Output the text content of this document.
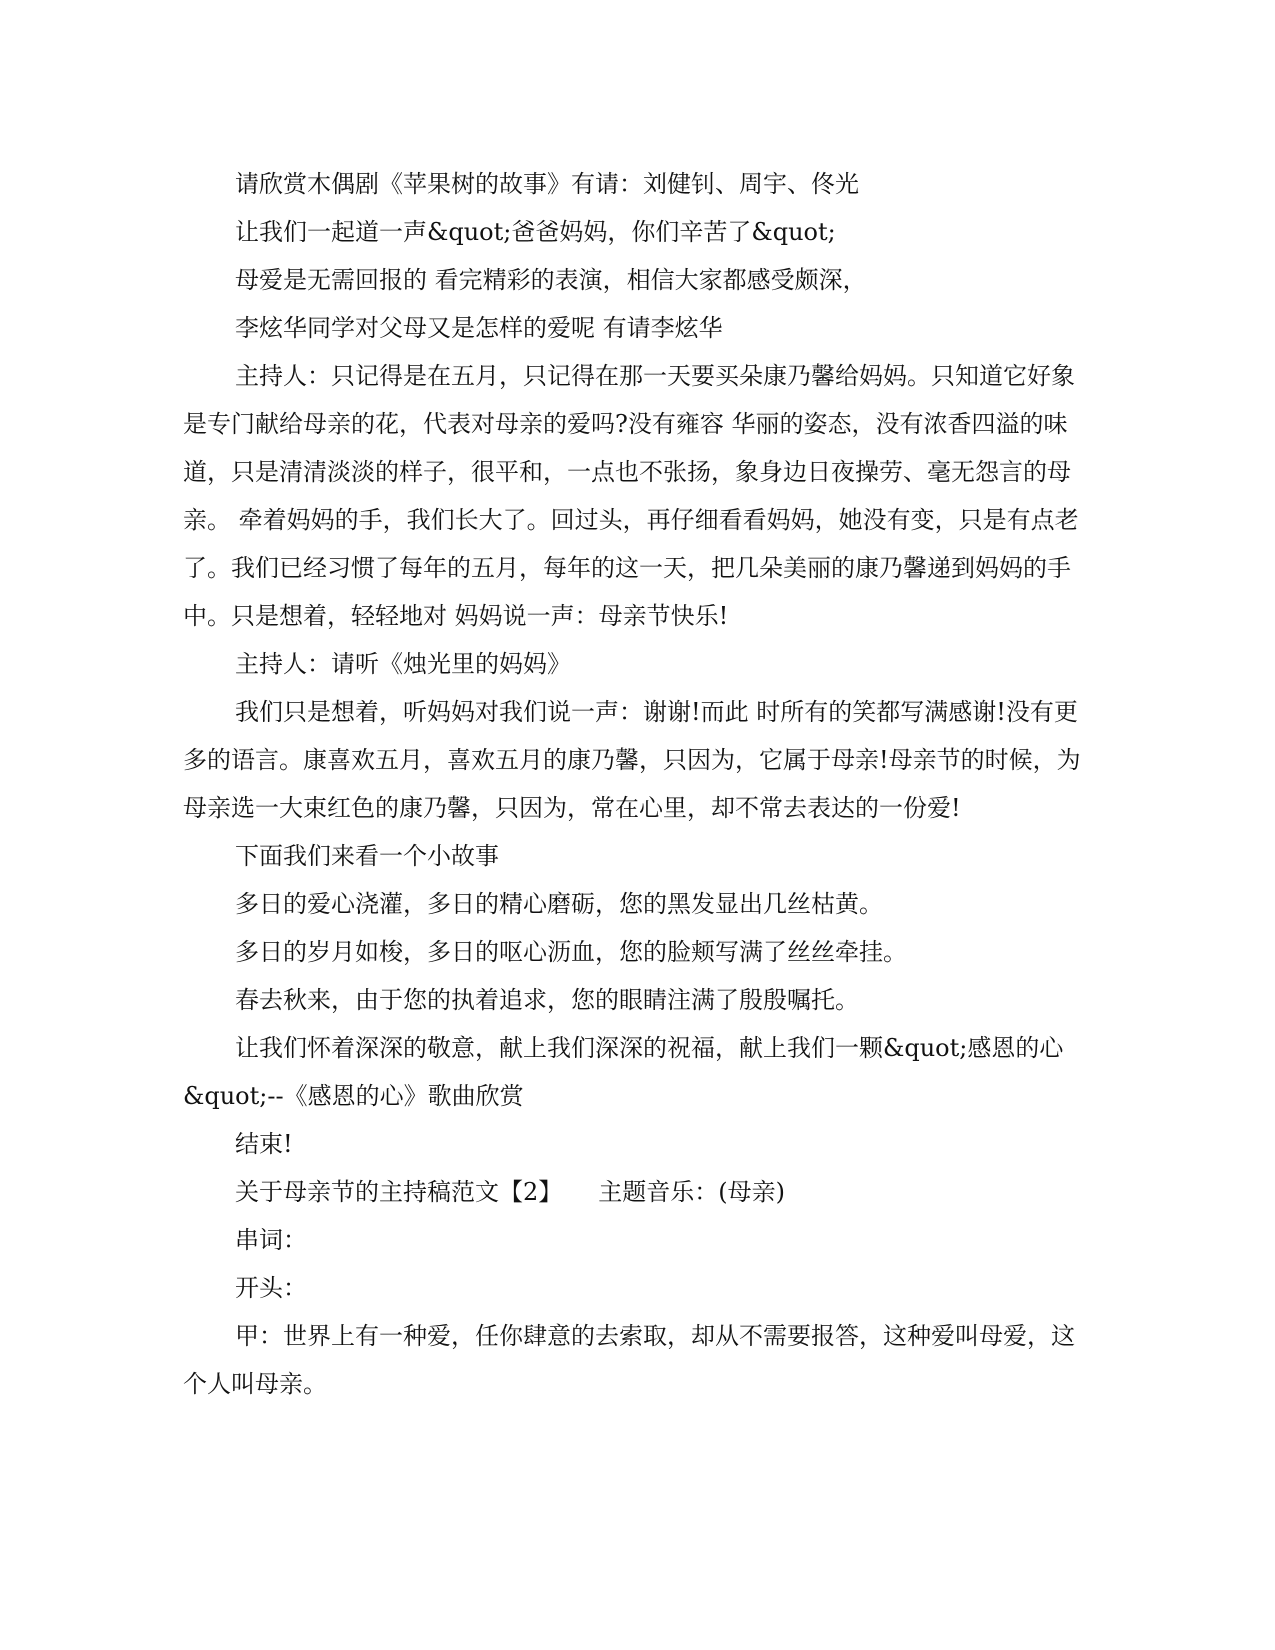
请欣赏木偶剧《苹果树的故事》有请：刘健钊、周宇、佟光

让我们一起道一声&quot;爸爸妈妈，你们辛苦了&quot;

母爱是无需回报的 看完精彩的表演，相信大家都感受颇深，

李炫华同学对父母又是怎样的爱呢 有请李炫华

主持人：只记得是在五月，只记得在那一天要买朵康乃馨给妈妈。只知道它好象是专门献给母亲的花，代表对母亲的爱吗?没有雍容 华丽的姿态，没有浓香四溢的味道，只是清清淡淡的样子，很平和，一点也不张扬，象身边日夜操劳、毫无怨言的母亲。 牵着妈妈的手，我们长大了。回过头，再仔细看看妈妈，她没有变，只是有点老了。我们已经习惯了每年的五月，每年的这一天，把几朵美丽的康乃馨递到妈妈的手中。只是想着，轻轻地对 妈妈说一声：母亲节快乐!

主持人：请听《烛光里的妈妈》

我们只是想着，听妈妈对我们说一声：谢谢!而此 时所有的笑都写满感谢!没有更多的语言。康喜欢五月，喜欢五月的康乃馨，只因为，它属于母亲!母亲节的时候，为母亲选一大束红色的康乃馨，只因为，常在心里，却不常去表达的一份爱!

下面我们来看一个小故事

多日的爱心浇灌，多日的精心磨砺，您的黑发显出几丝枯黄。

多日的岁月如梭，多日的呕心沥血，您的脸颊写满了丝丝牵挂。

春去秋来，由于您的执着追求，您的眼睛注满了殷殷嘱托。

让我们怀着深深的敬意，献上我们深深的祝福，献上我们一颗&quot;感恩的心&quot;--《感恩的心》歌曲欣赏

结束!

关于母亲节的主持稿范文【2】　　主题音乐：(母亲)

串词：

开头：

甲：世界上有一种爱，任你肆意的去索取，却从不需要报答，这种爱叫母爱，这个人叫母亲。
